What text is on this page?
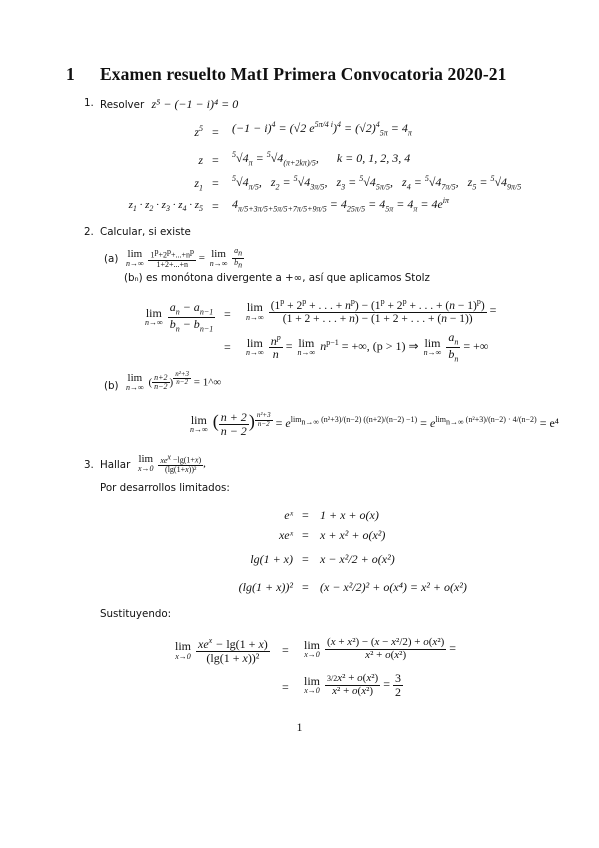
1 Examen resuelto MatI Primera Convocatoria 2020-21
1. Resolver z⁵ − (−1 − i)⁴ = 0
$z^5 = (-1 - i)^4 = (√2$ $e^{5\pi/4 i})^4 = (√2)^4_{5\pi} = 4_\pi$
$z = ^5√4_\pi = ^5√4_{(\pi+2k\pi)/5}$,      k = 0, 1, 2, 3, 4
$z_1 = ^5√4_{\pi/5}$,   $z_2 = ^5√4_{3\pi/5}$,   $z_3 = ^5√4_{5\pi/5}$,   $z_4 = ^5√4_{7\pi/5}$,   $z_5 = ^5√4_{9\pi/5}$
$z_1 \cdot z_2 \cdot z_3 \cdot z_4 \cdot z_5 = 4_{\pi/5+3\pi/5+5\pi/5+7\pi/5+9\pi/5} = 4_{25\pi/5} = 4_{5\pi} = 4_\pi = 4e^{i\pi}$
2. Calcular, si existe
(a) lim
n→∞
$\frac{1^p+2^p+...+n^p}{1+2+...+n} = \lim$
n→∞
$\frac{a_n}{b_n}$
(bₙ) es monótona divergente a +∞, así que aplicamos Stolz
lim
n→∞
$\frac{a_n - a_{n-1}}{b_n - b_{n-1}}$ =
lim
n→∞
$\frac{(1^p + 2^p + . . . + n^p) - (1^p + 2^p + . . . + (n - 1)^p)}{(1 + 2 + . . . + n) - (1 + 2 + . . . + (n - 1))}$ =
= lim
n→∞
$\frac{n^p}{n} = \lim$
n→∞ $n^{p-1}$ = +∞, (p > 1) ⇒ lim
n→∞
$\frac{a_n}{b_n}$ = +∞
(b)
lim
n→∞ ( $\frac{n+2}{n-2}$ ) $^{\frac{\text{n²+3}}{n-2}}$ = 1^∞
lim
n→∞ ( $\frac{n + 2}{n - 2}$ ) $^{\frac{\text{n²+3}}{n-2}} = e^{lim_{n\to\infty} (n^2+3)/(n-2) ((n+2)/(n-2) -1)} = e^{lim_{n\to\infty} (n^2+3)/(n-2) \cdot 4/(n-2)} = e^4$
3. Hallar
lim
x→0
$\frac{xe^x -\lg(1+x)}{\text{(lg(1+x))²}}$ ,
Por desarrollos limitados:
eˣ = 1 + x + o(x)
xeˣ = x + x² + o(x²)
lg(1 + x) = x − x²/2 + o(x²)
(lg(1 + x))² = (x − x²/2)² + o(x⁴) = x² + o(x²)
Sustituyendo:
lim
x→0
$\frac{xe^x - \lg(1 + x)}{\text{(lg(1 + x))²}} = \lim$
x→0
$\frac{\text{(x + x²) − (x − x²/2) + o(x²)}}{\text{x² + o(x²)}}$ =
= lim
x→0
$\frac{\text{3/2x² + o(x²)}}{\text{x² + o(x²)}} = \frac{3}{2}$
1
